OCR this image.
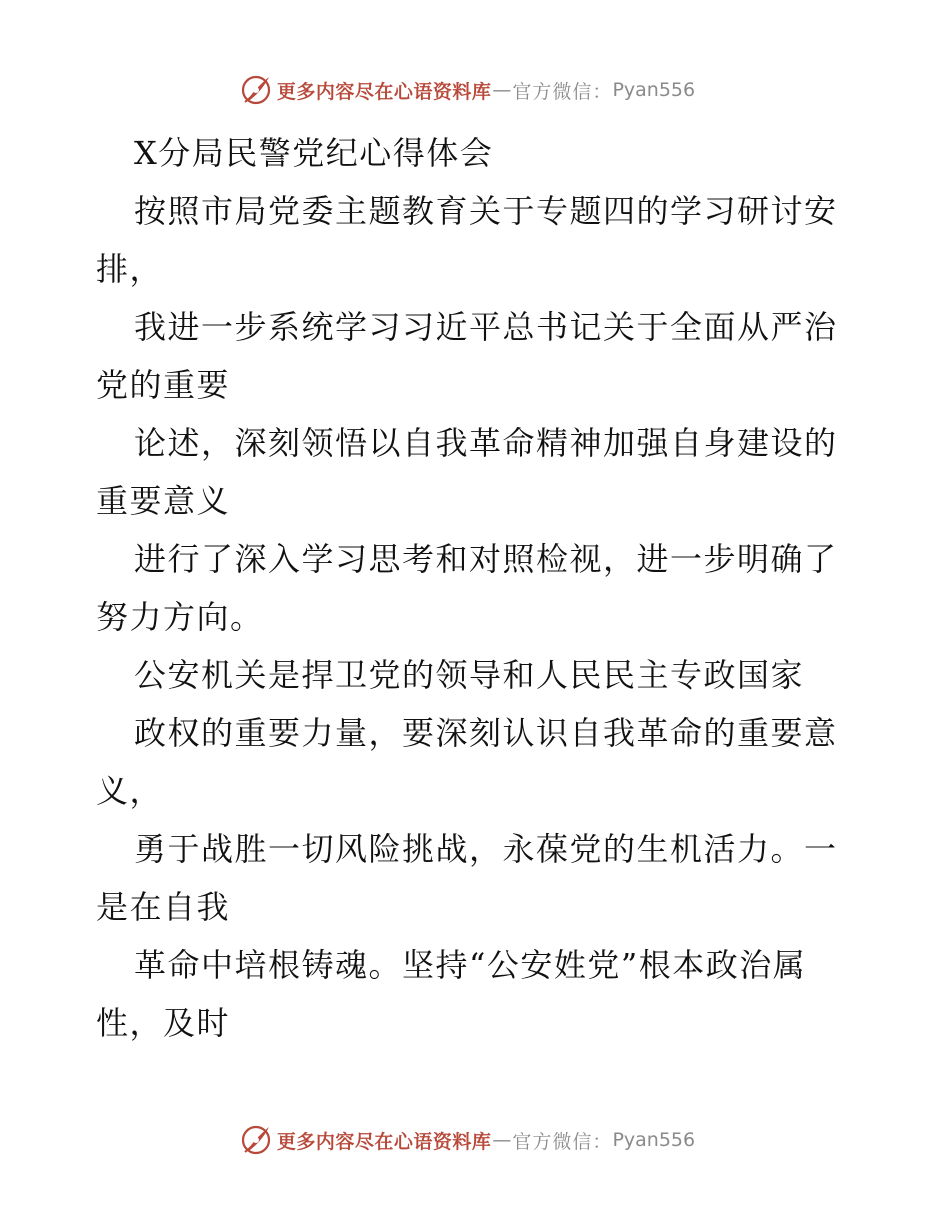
更多内容尽在心语资料库 — 官方微信： Pyan556
X分局民警党纪心得体会
按照市局党委主题教育关于专题四的学习研讨安
排，
我进一步系统学习习近平总书记关于全面从严治
党的重要
论述，深刻领悟以自我革命精神加强自身建设的
重要意义
进行了深入学习思考和对照检视，进一步明确了
努力方向。
公安机关是捍卫党的领导和人民民主专政国家
政权的重要力量，要深刻认识自我革命的重要意
义，
勇于战胜一切风险挑战，永葆党的生机活力。一
是在自我
革命中培根铸魂。坚持“公安姓党”根本政治属
性，及时
更多内容尽在心语资料库 — 官方微信： Pyan556
